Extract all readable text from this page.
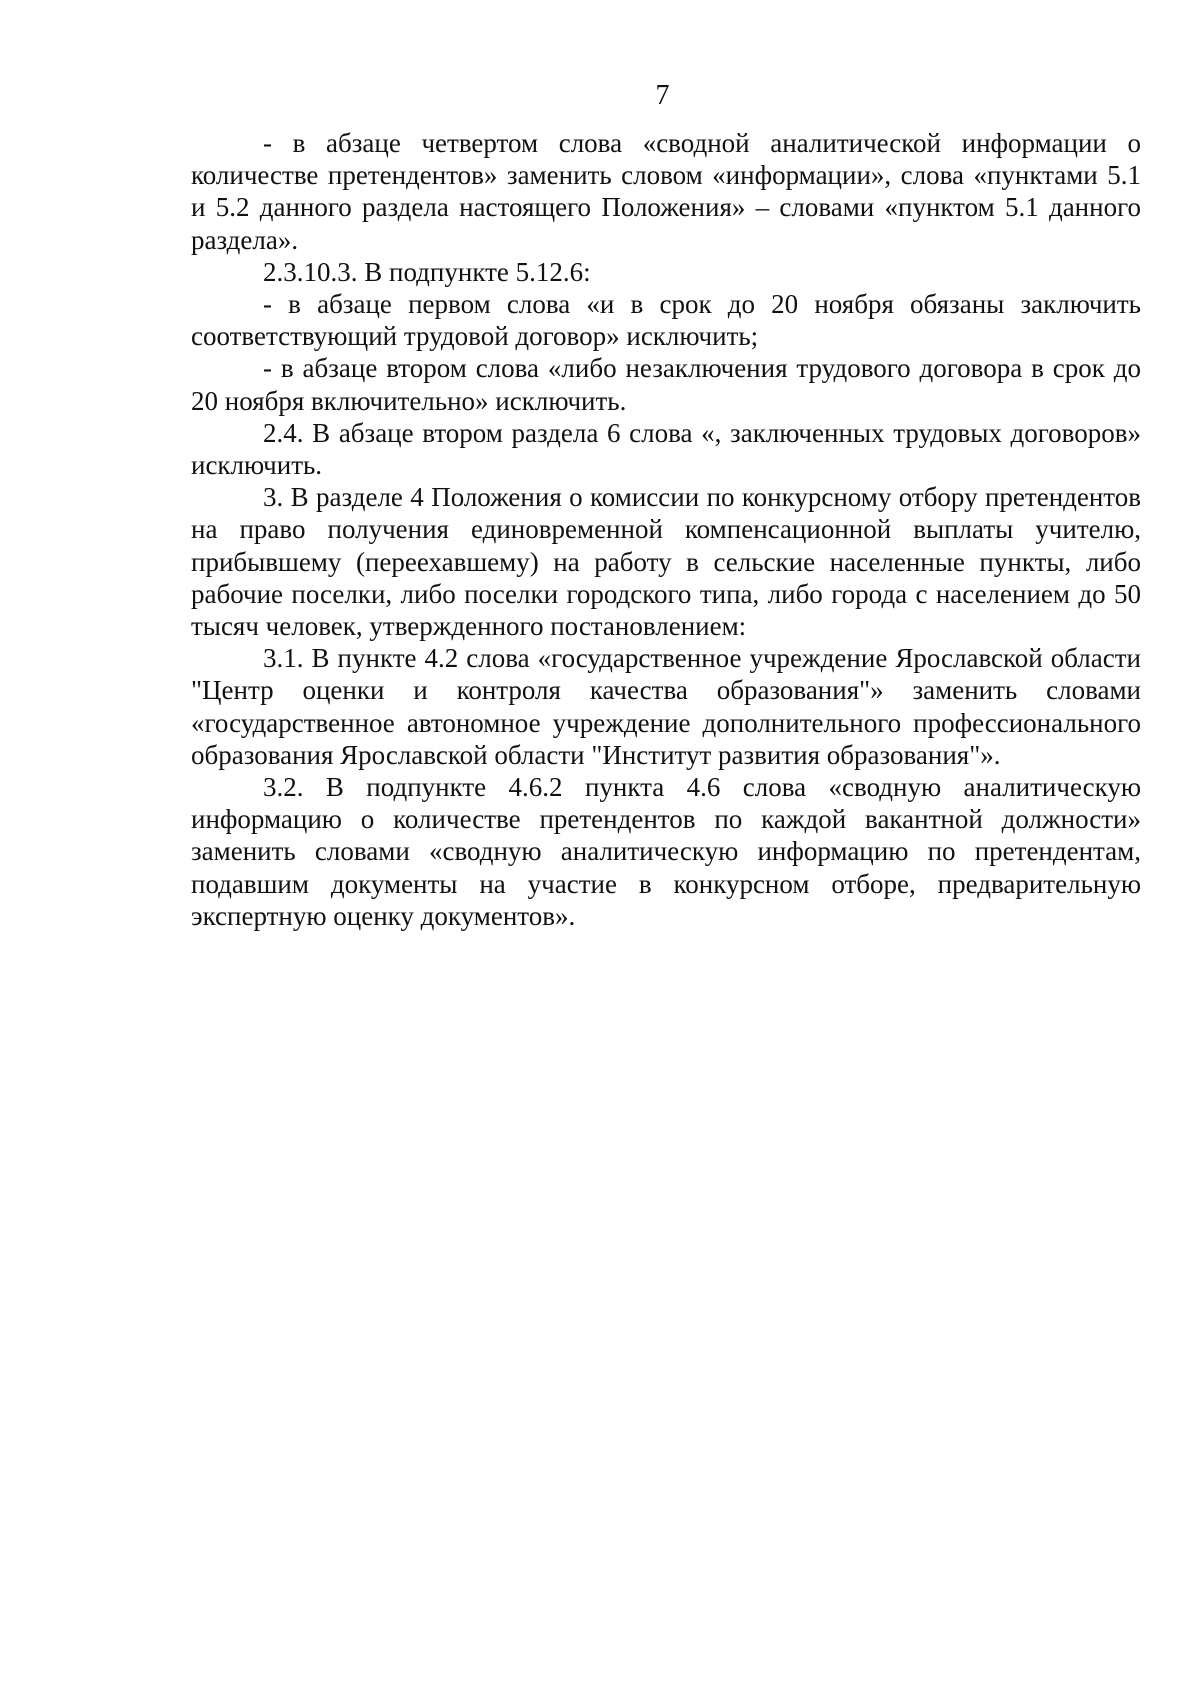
7

- в абзаце четвертом слова «сводной аналитической информации о количестве претендентов» заменить словом «информации», слова «пунктами 5.1 и 5.2 данного раздела настоящего Положения» – словами «пунктом 5.1 данного раздела».

2.3.10.3. В подпункте 5.12.6:

- в абзаце первом слова «и в срок до 20 ноября обязаны заключить соответствующий трудовой договор» исключить;

- в абзаце втором слова «либо незаключения трудового договора в срок до 20 ноября включительно» исключить.

2.4. В абзаце втором раздела 6 слова «, заключенных трудовых договоров» исключить.

3. В разделе 4 Положения о комиссии по конкурсному отбору претендентов на право получения единовременной компенсационной выплаты учителю, прибывшему (переехавшему) на работу в сельские населенные пункты, либо рабочие поселки, либо поселки городского типа, либо города с населением до 50 тысяч человек, утвержденного постановлением:

3.1. В пункте 4.2 слова «государственное учреждение Ярославской области "Центр оценки и контроля качества образования"» заменить словами «государственное автономное учреждение дополнительного профессионального образования Ярославской области "Институт развития образования"».

3.2. В подпункте 4.6.2 пункта 4.6 слова «сводную аналитическую информацию о количестве претендентов по каждой вакантной должности» заменить словами «сводную аналитическую информацию по претендентам, подавшим документы на участие в конкурсном отборе, предварительную экспертную оценку документов».
